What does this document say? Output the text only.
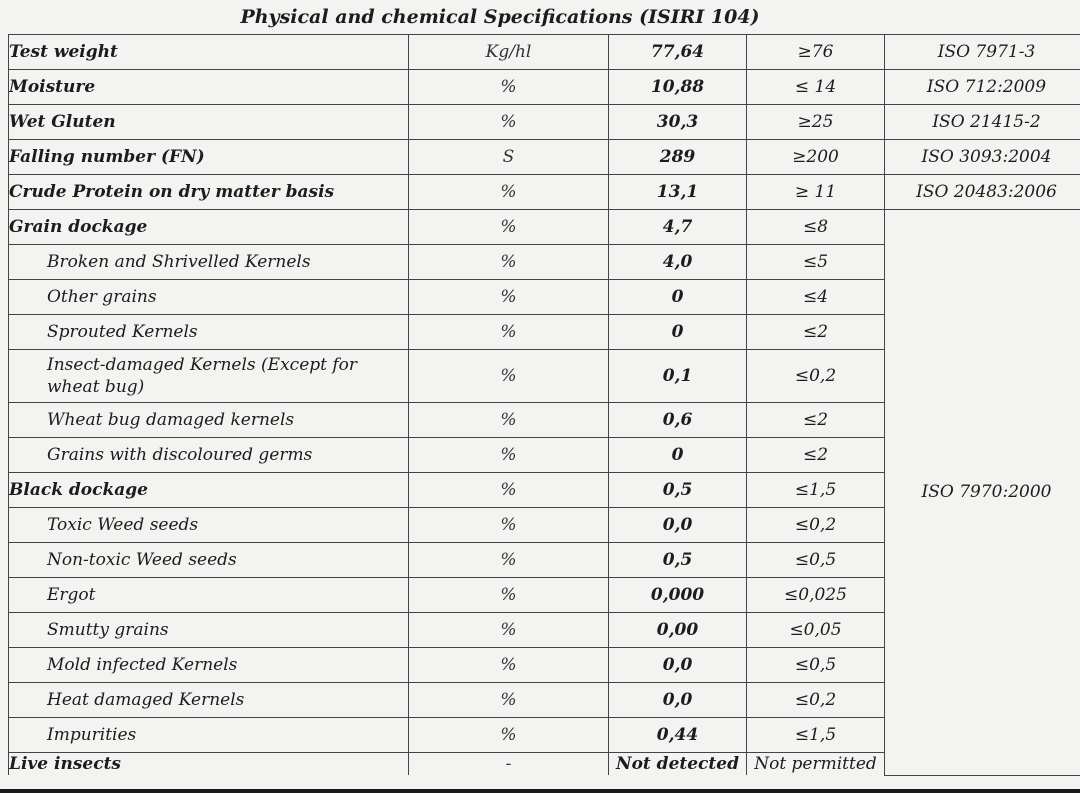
Physical and chemical Specifications (ISIRI 104)
Test weight	Kg/hl	77,64	≥76	ISO 7971-3	
Moisture	%	10,88	≤ 14	ISO 712:2009	
Wet Gluten	%	30,3	≥25	ISO 21415-2	
Falling number (FN)	S	289	≥200	ISO 3093:2004	
Crude Protein on dry matter basis	%	13,1	≥ 11	ISO 20483:2006	
Grain dockage	%	4,7	≤8	ISO 7970:2000	
Broken and Shrivelled Kernels	%	4,0	≤5		
Other grains	%	0	≤4		
Sprouted Kernels	%	0	≤2		
Insect-damaged Kernels (Except for wheat bug)	%	0,1	≤0,2		
Wheat bug damaged kernels	%	0,6	≤2		
Grains with discoloured germs	%	0	≤2		
Black dockage	%	0,5	≤1,5		
Toxic Weed seeds	%	0,0	≤0,2		
Non-toxic Weed seeds	%	0,5	≤0,5		
Ergot	%	0,000	≤0,025		
Smutty grains	%	0,00	≤0,05		
Mold infected Kernels	%	0,0	≤0,5		
Heat damaged Kernels	%	0,0	≤0,2		
Impurities	%	0,44	≤1,5		
Live insects	-	Not detected	Not permitted		
